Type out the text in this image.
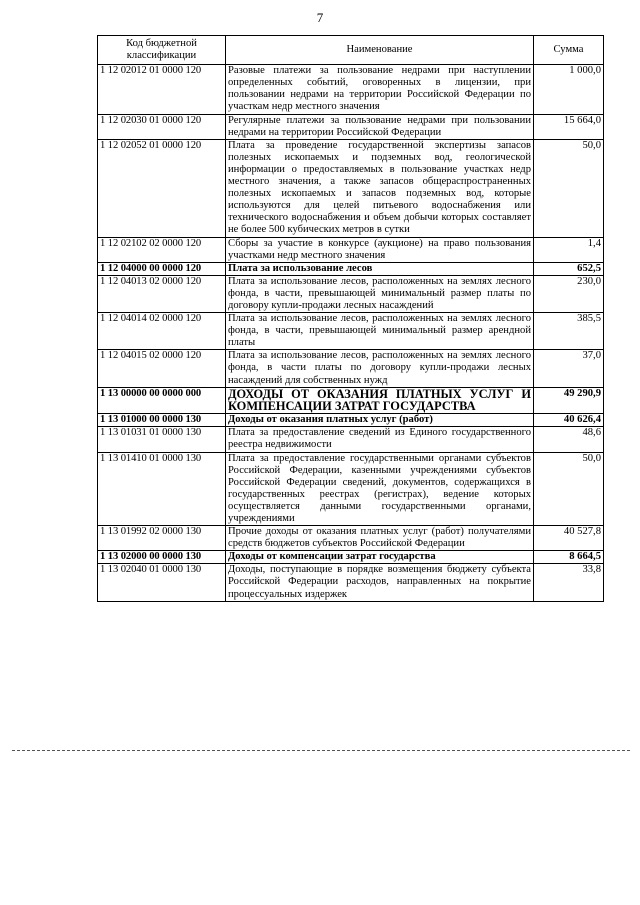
7
Код бюджетной классификации	Наименование	Сумма
1 12 02012 01 0000 120	Разовые платежи за пользование недрами при наступлении определенных событий, оговоренных в лицензии, при пользовании недрами на территории Российской Федерации по участкам недр местного значения	1 000,0
1 12 02030 01 0000 120	Регулярные платежи за пользование недрами при пользовании недрами на территории Российской Федерации	15 664,0
1 12 02052 01 0000 120	Плата за проведение государственной экспертизы запасов полезных ископаемых и подземных вод, геологической информации о предоставляемых в пользование участках недр местного значения, а также запасов общераспространенных полезных ископаемых и запасов подземных вод, которые используются для целей питьевого водоснабжения или технического водоснабжения и объем добычи которых составляет не более 500 кубических метров в сутки	50,0
1 12 02102 02 0000 120	Сборы за участие в конкурсе (аукционе) на право пользования участками недр местного значения	1,4
1 12 04000 00 0000 120	Плата за использование лесов	652,5
1 12 04013 02 0000 120	Плата за использование лесов, расположенных на землях лесного фонда, в части, превышающей минимальный размер платы по договору купли-продажи лесных насаждений	230,0
1 12 04014 02 0000 120	Плата за использование лесов, расположенных на землях лесного фонда, в части, превышающей минимальный размер арендной платы	385,5
1 12 04015 02 0000 120	Плата за использование лесов, расположенных на землях лесного фонда, в части платы по договору купли-продажи лесных насаждений для собственных нужд	37,0
1 13 00000 00 0000 000	ДОХОДЫ ОТ ОКАЗАНИЯ ПЛАТНЫХ УСЛУГ И КОМПЕНСАЦИИ ЗАТРАТ ГОСУДАРСТВА	49 290,9
1 13 01000 00 0000 130	Доходы от оказания платных услуг (работ)	40 626,4
1 13 01031 01 0000 130	Плата за предоставление сведений из Единого государственного реестра недвижимости	48,6
1 13 01410 01 0000 130	Плата за предоставление государственными органами субъектов Российской Федерации, казенными учреждениями субъектов Российской Федерации сведений, документов, содержащихся в государственных реестрах (регистрах), ведение которых осуществляется данными государственными органами, учреждениями	50,0
1 13 01992 02 0000 130	Прочие доходы от оказания платных услуг (работ) получателями средств бюджетов субъектов Российской Федерации	40 527,8
1 13 02000 00 0000 130	Доходы от компенсации затрат государства	8 664,5
1 13 02040 01 0000 130	Доходы, поступающие в порядке возмещения бюджету субъекта Российской Федерации расходов, направленных на покрытие процессуальных издержек	33,8
